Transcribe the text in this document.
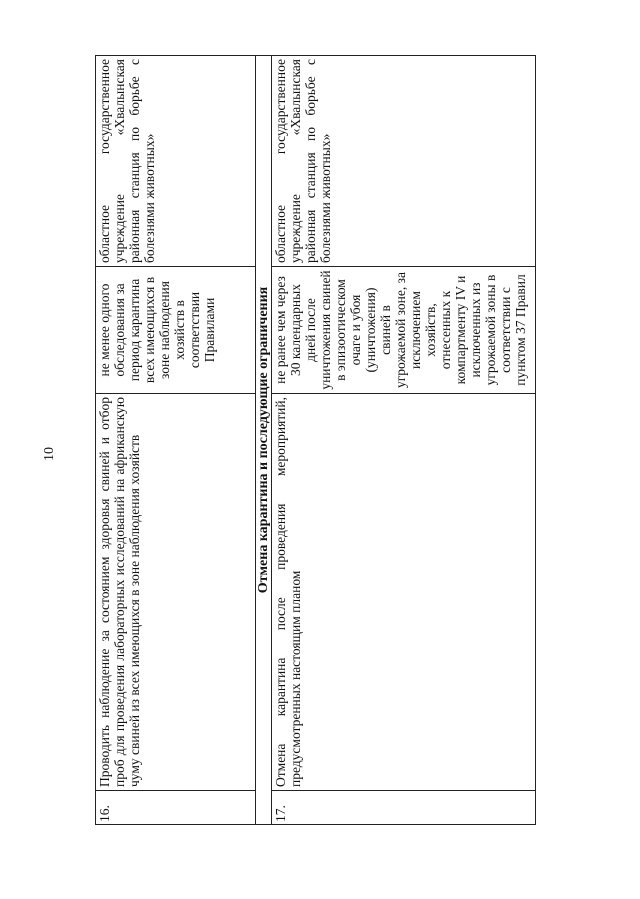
10
16.	Проводить наблюдение за состоянием здоровья свиней и отбор проб для проведения лабораторных исследований на африканскую чуму свиней из всех имеющихся в зоне наблюдения хозяйств	не менее одного обследования за период карантина всех имеющихся в зоне наблюдения хозяйств в соответствии Правилами	областное государственное учреждение «Хвалынская районная станция по борьбе с болезнями животных»
Отмена карантина и последующие ограничения			
17.	Отмена карантина после проведения мероприятий, предусмотренных настоящим планом	не ранее чем через 30 календарных дней после уничтожения свиней в эпизоотическом очаге и убоя (уничтожения) свиней в угрожаемой зоне, за исключением хозяйств, отнесенных к компартменту IV и исключенных из угрожаемой зоны в соответствии с пунктом 37 Правил	областное государственное учреждение «Хвалынская районная станция по борьбе с болезнями животных»
